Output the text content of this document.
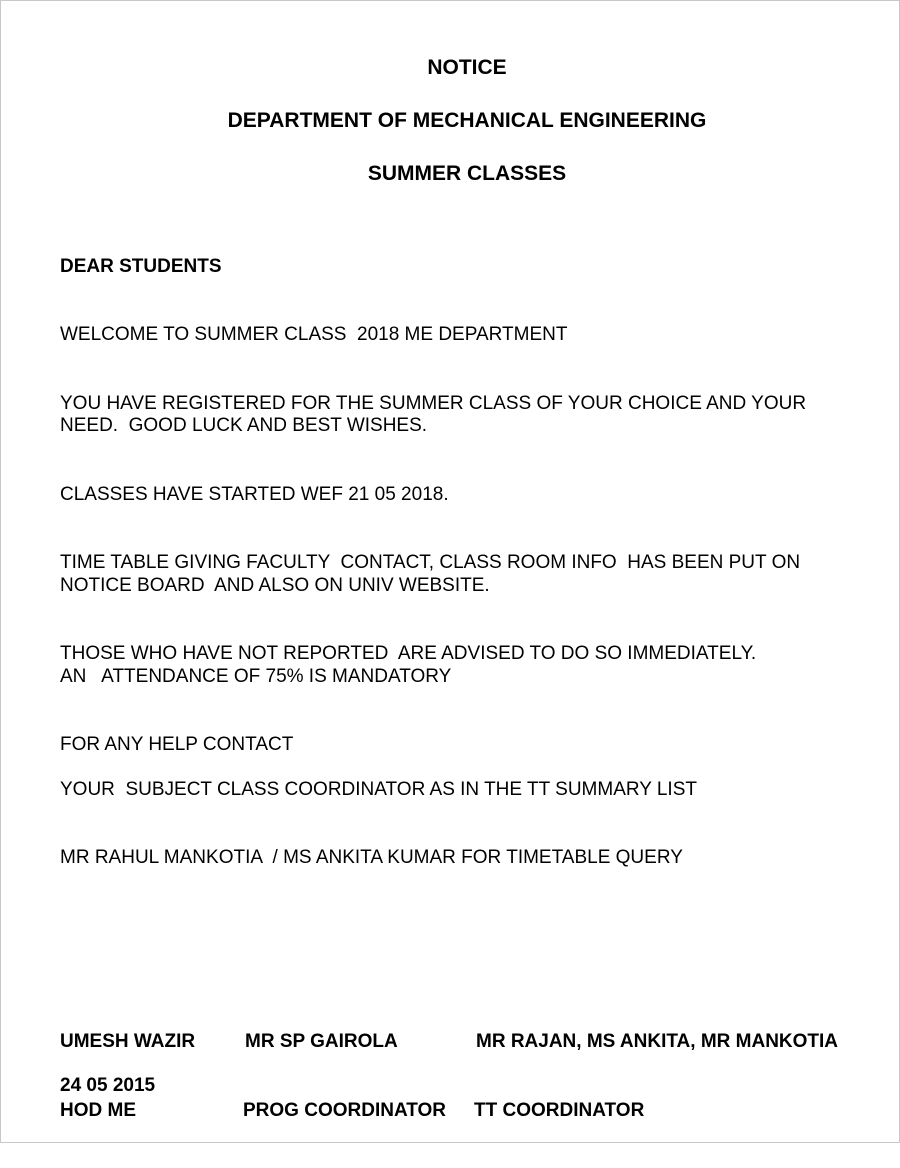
NOTICE
DEPARTMENT OF MECHANICAL ENGINEERING
SUMMER CLASSES
DEAR STUDENTS
WELCOME TO SUMMER CLASS  2018 ME DEPARTMENT
YOU HAVE REGISTERED FOR THE SUMMER CLASS OF YOUR CHOICE AND YOUR
NEED.  GOOD LUCK AND BEST WISHES.
CLASSES HAVE STARTED WEF 21 05 2018.
TIME TABLE GIVING FACULTY  CONTACT, CLASS ROOM INFO  HAS BEEN PUT ON
NOTICE BOARD  AND ALSO ON UNIV WEBSITE.
THOSE WHO HAVE NOT REPORTED  ARE ADVISED TO DO SO IMMEDIATELY.
AN   ATTENDANCE OF 75% IS MANDATORY
FOR ANY HELP CONTACT
YOUR  SUBJECT CLASS COORDINATOR AS IN THE TT SUMMARY LIST
MR RAHUL MANKOTIA  / MS ANKITA KUMAR FOR TIMETABLE QUERY

UMESH WAZIR

HOD ME

MR SP GAIROLA

PROG COORDINATOR

MR RAJAN, MS ANKITA, MR MANKOTIA

TT COORDINATOR

24 05 2015
